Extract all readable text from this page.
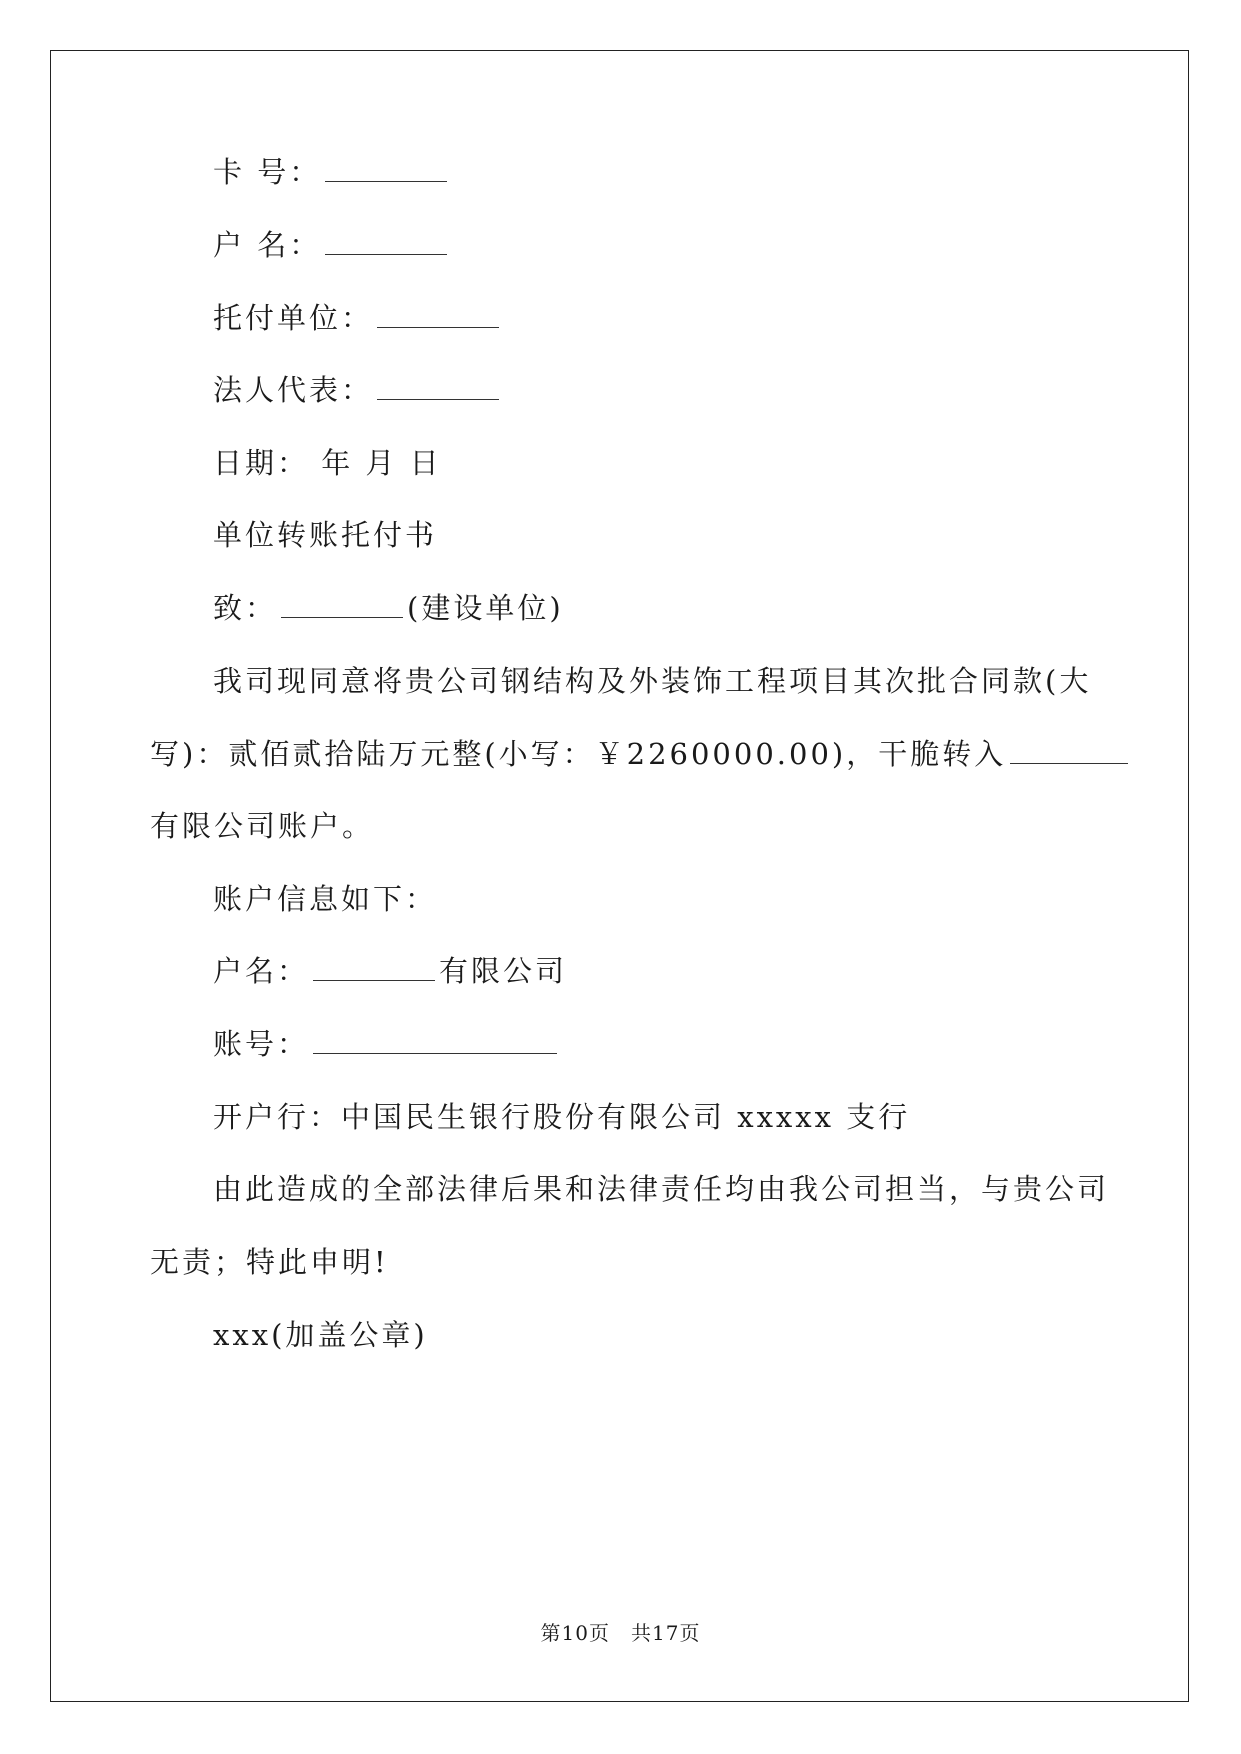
卡 号：
户 名：
托付单位：
法人代表：
日期： 年 月 日
单位转账托付书
致：	(建设单位)
我司现同意将贵公司钢结构及外装饰工程项目其次批合同款(大
写)：贰佰贰拾陆万元整(小写：￥2260000.00)，干脆转入
有限公司账户。
账户信息如下：
户名：	有限公司
账号：
开户行：中国民生银行股份有限公司 xxxxx 支行
由此造成的全部法律后果和法律责任均由我公司担当，与贵公司
无责；特此申明!
xxx(加盖公章)
第10页　共17页
